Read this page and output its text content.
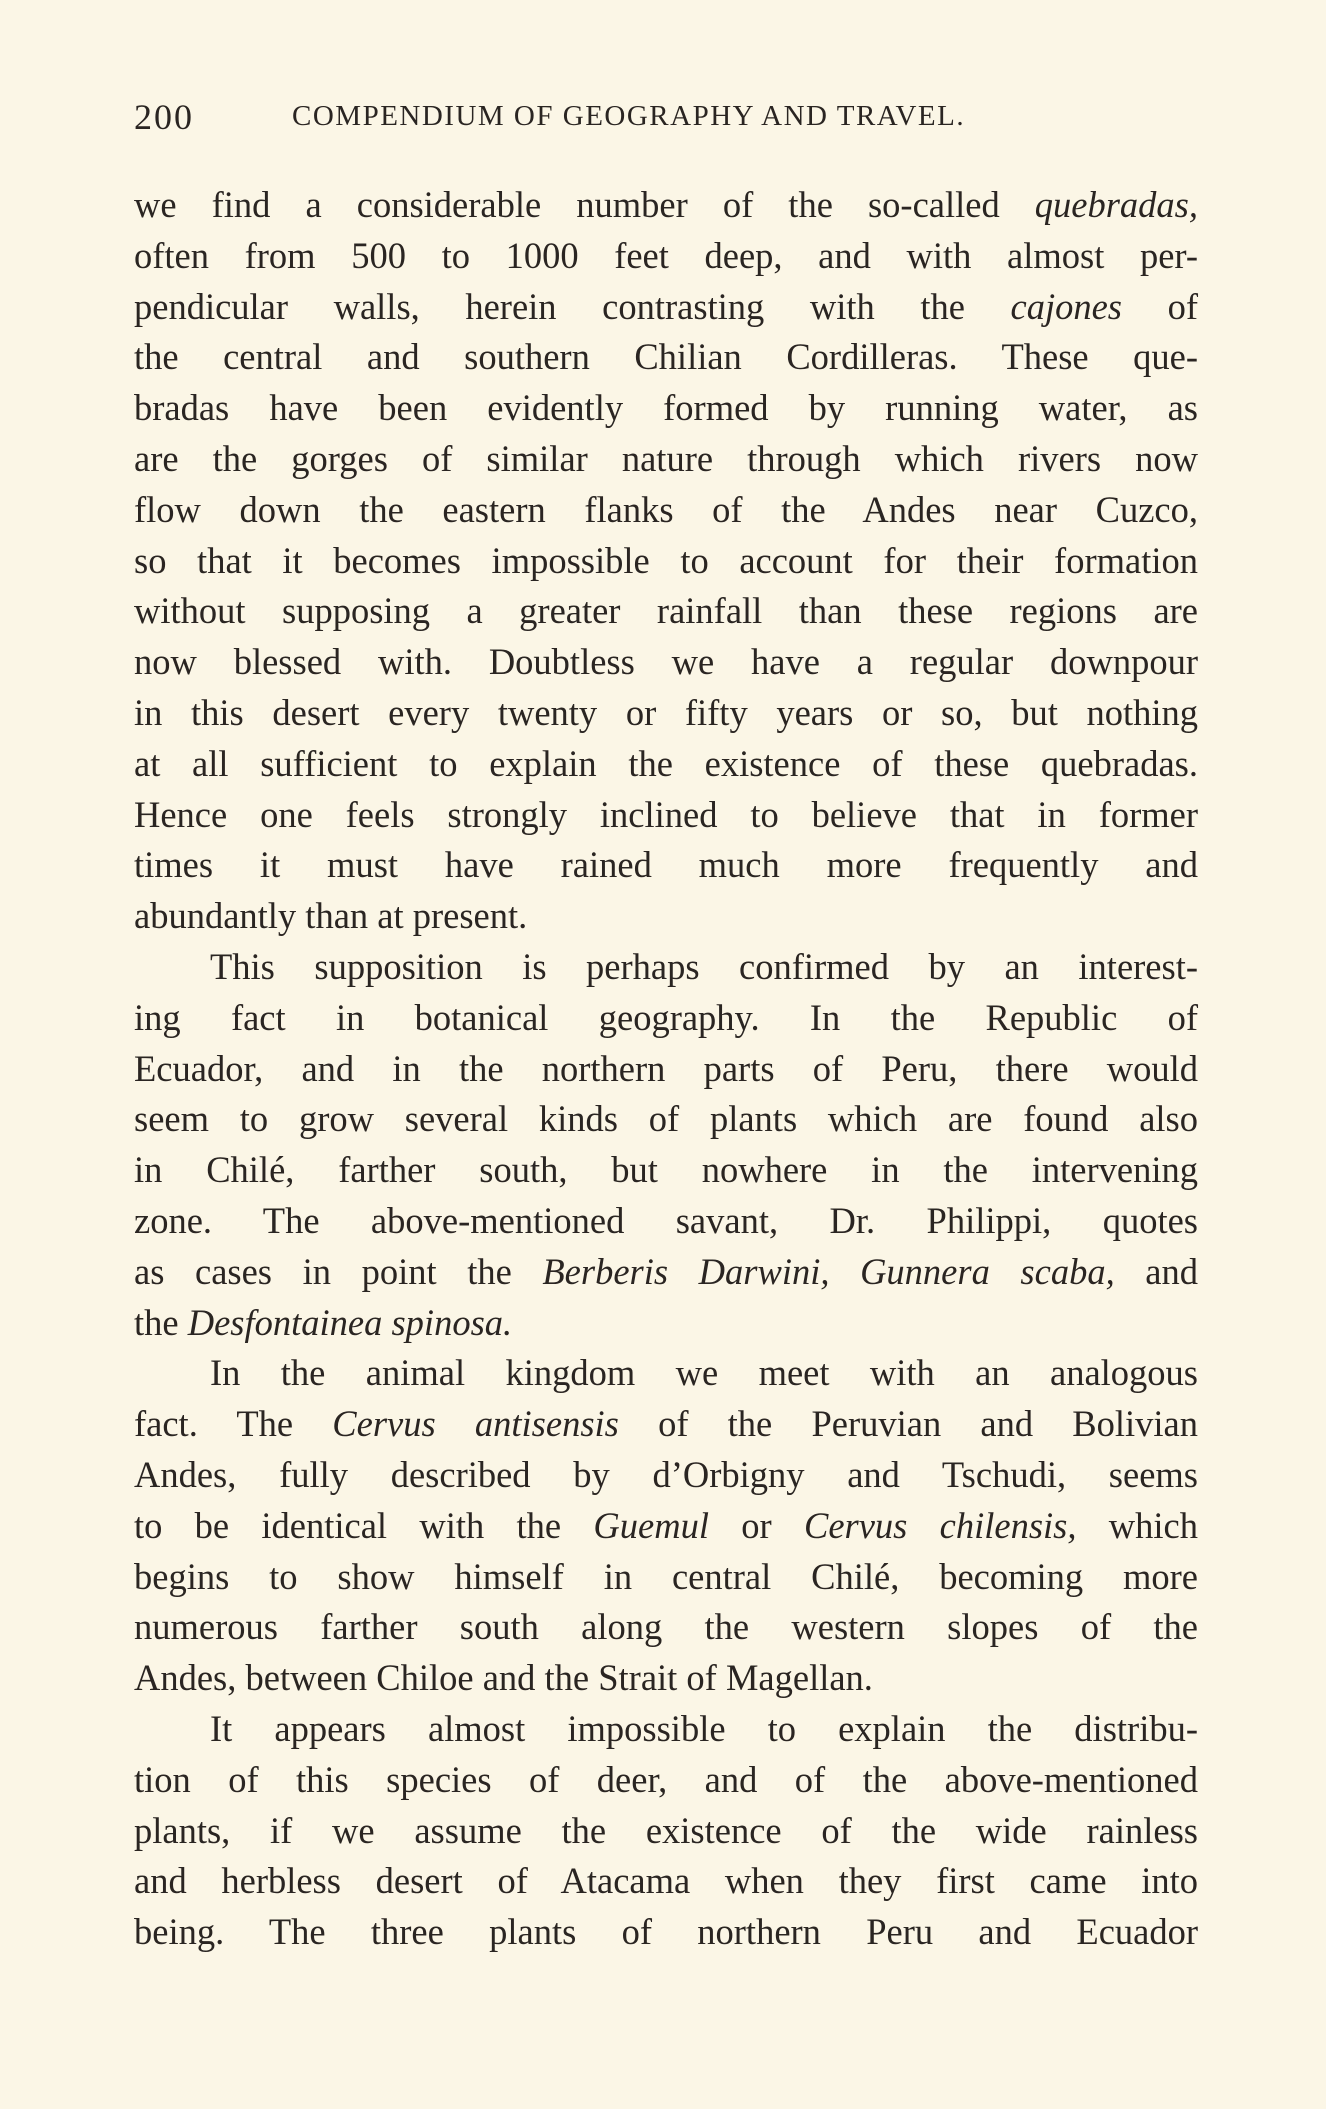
200	COMPENDIUM OF GEOGRAPHY AND TRAVEL.
we find a considerable number of the so-called quebradas,
often from 500 to 1000 feet deep, and with almost per-
pendicular walls, herein contrasting with the cajones of
the central and southern Chilian Cordilleras. These que-
bradas have been evidently formed by running water, as
are the gorges of similar nature through which rivers now
flow down the eastern flanks of the Andes near Cuzco,
so that it becomes impossible to account for their formation
without supposing a greater rainfall than these regions are
now blessed with. Doubtless we have a regular downpour
in this desert every twenty or fifty years or so, but nothing
at all sufficient to explain the existence of these quebradas.
Hence one feels strongly inclined to believe that in former
times it must have rained much more frequently and
abundantly than at present.
This supposition is perhaps confirmed by an interest-
ing fact in botanical geography. In the Republic of
Ecuador, and in the northern parts of Peru, there would
seem to grow several kinds of plants which are found also
in Chilé, farther south, but nowhere in the intervening
zone. The above-mentioned savant, Dr. Philippi, quotes
as cases in point the Berberis Darwini, Gunnera scaba, and
the Desfontainea spinosa.
In the animal kingdom we meet with an analogous
fact. The Cervus antisensis of the Peruvian and Bolivian
Andes, fully described by d’Orbigny and Tschudi, seems
to be identical with the Guemul or Cervus chilensis, which
begins to show himself in central Chilé, becoming more
numerous farther south along the western slopes of the
Andes, between Chiloe and the Strait of Magellan.
It appears almost impossible to explain the distribu-
tion of this species of deer, and of the above-mentioned
plants, if we assume the existence of the wide rainless
and herbless desert of Atacama when they first came into
being. The three plants of northern Peru and Ecuador
